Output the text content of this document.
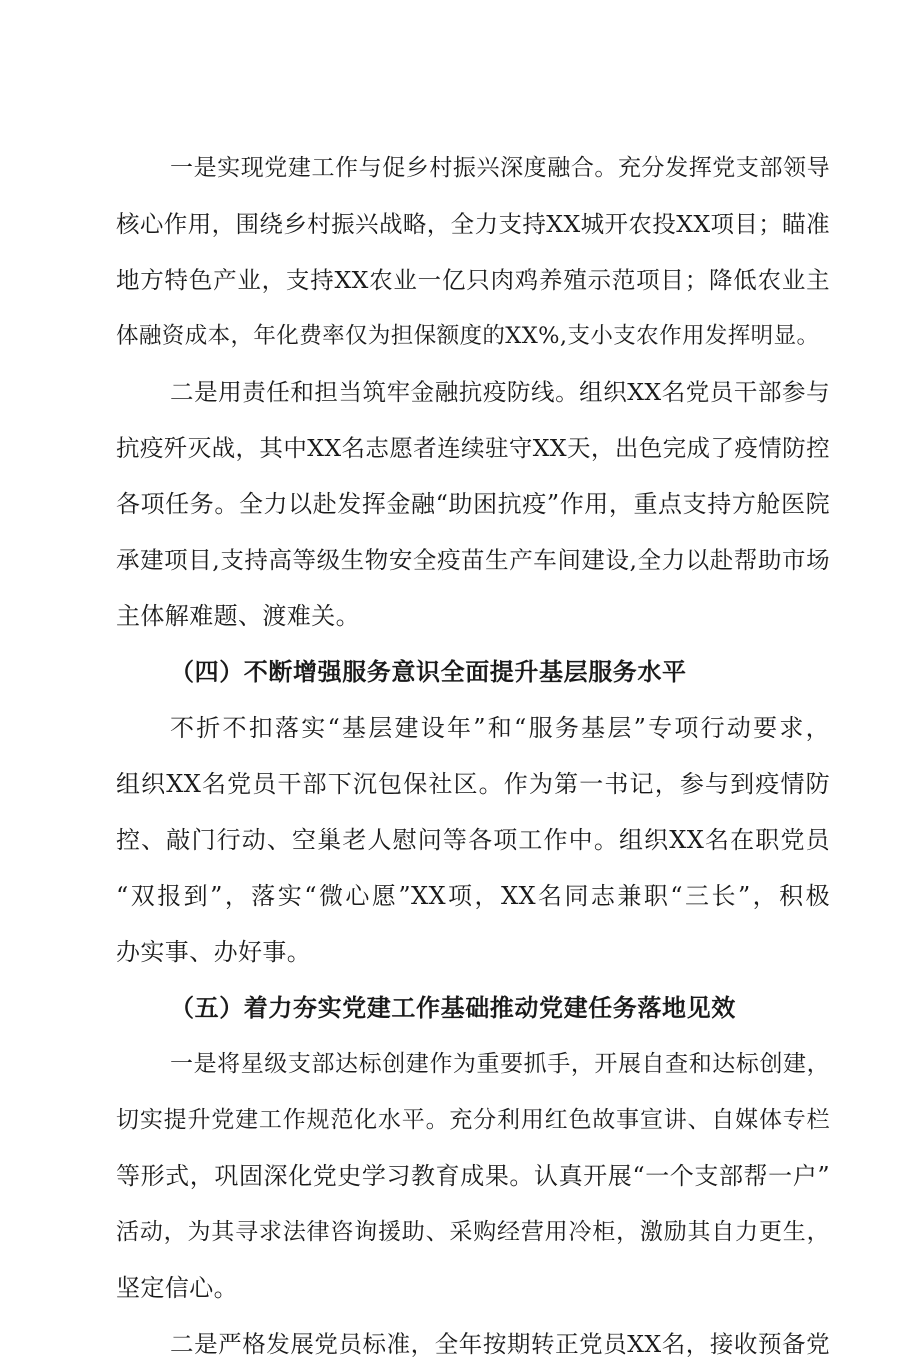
一是实现党建工作与促乡村振兴深度融合。充分发挥党支部领导
核心作用，围绕乡村振兴战略，全力支持XX城开农投XX项目；瞄准
地方特色产业，支持XX农业一亿只肉鸡养殖示范项目；降低农业主
体融资成本，年化费率仅为担保额度的XX%,支小支农作用发挥明显。
二是用责任和担当筑牢金融抗疫防线。组织XX名党员干部参与
抗疫歼灭战，其中XX名志愿者连续驻守XX天，出色完成了疫情防控
各项任务。全力以赴发挥金融“助困抗疫”作用，重点支持方舱医院
承建项目,支持高等级生物安全疫苗生产车间建设,全力以赴帮助市场
主体解难题、渡难关。
（四）不断增强服务意识全面提升基层服务水平
不折不扣落实“基层建设年”和“服务基层”专项行动要求，
组织XX名党员干部下沉包保社区。作为第一书记，参与到疫情防
控、敲门行动、空巢老人慰问等各项工作中。组织XX名在职党员
“双报到”，落实“微心愿”XX项，XX名同志兼职“三长”，积极
办实事、办好事。
（五）着力夯实党建工作基础推动党建任务落地见效
一是将星级支部达标创建作为重要抓手，开展自查和达标创建，
切实提升党建工作规范化水平。充分利用红色故事宣讲、自媒体专栏
等形式，巩固深化党史学习教育成果。认真开展“一个支部帮一户”
活动，为其寻求法律咨询援助、采购经营用冷柜，激励其自力更生，
坚定信心。
二是严格发展党员标准，全年按期转正党员XX名，接收预备党
